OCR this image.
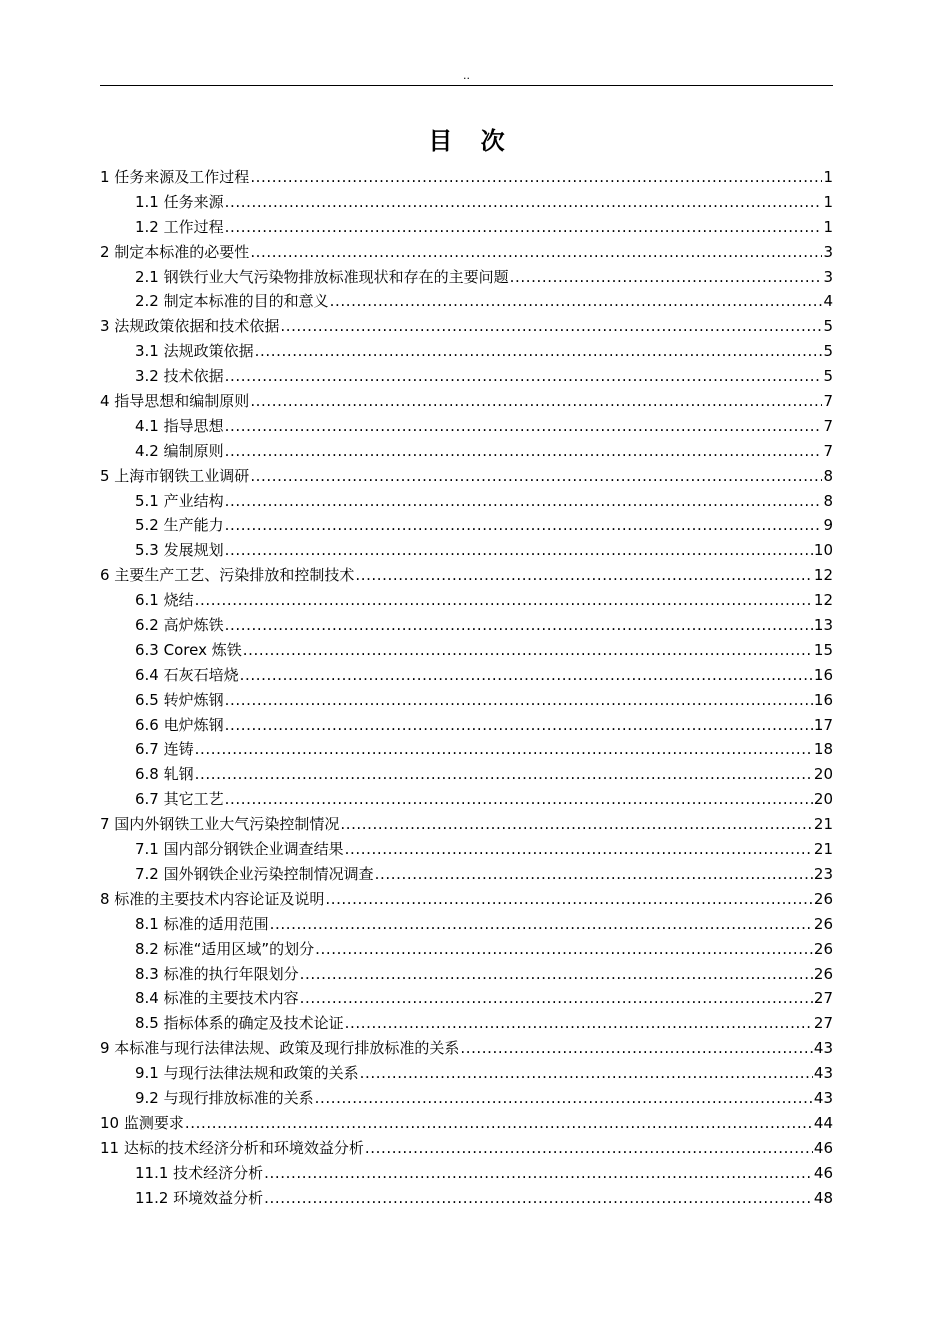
..
目 次
1 任务来源及工作过程 .....	1
1.1 任务来源 .....	1
1.2 工作过程 .....	1
2 制定本标准的必要性 .....	3
2.1 钢铁行业大气污染物排放标准现状和存在的主要问题 .....	3
2.2 制定本标准的目的和意义 .....	4
3 法规政策依据和技术依据 .....	5
3.1 法规政策依据 .....	5
3.2 技术依据 .....	5
4 指导思想和编制原则 .....	7
4.1 指导思想 .....	7
4.2 编制原则 .....	7
5 上海市钢铁工业调研 .....	8
5.1 产业结构 .....	8
5.2 生产能力 .....	9
5.3 发展规划 .....	10
6 主要生产工艺、污染排放和控制技术 .....	12
6.1 烧结 .....	12
6.2 高炉炼铁 .....	13
6.3 Corex 炼铁 .....	15
6.4 石灰石培烧 .....	16
6.5 转炉炼钢 .....	16
6.6 电炉炼钢 .....	17
6.7 连铸 .....	18
6.8 轧钢 .....	20
6.7 其它工艺 .....	20
7 国内外钢铁工业大气污染控制情况 .....	21
7.1 国内部分钢铁企业调查结果 .....	21
7.2 国外钢铁企业污染控制情况调查 .....	23
8 标准的主要技术内容论证及说明 .....	26
8.1 标准的适用范围 .....	26
8.2 标准“适用区域”的划分 .....	26
8.3 标准的执行年限划分 .....	26
8.4 标准的主要技术内容 .....	27
8.5 指标体系的确定及技术论证 .....	27
9 本标准与现行法律法规、政策及现行排放标准的关系 .....	43
9.1 与现行法律法规和政策的关系 .....	43
9.2 与现行排放标准的关系 .....	43
10 监测要求 .....	44
11 达标的技术经济分析和环境效益分析 .....	46
11.1 技术经济分析 .....	46
11.2 环境效益分析 .....	48
